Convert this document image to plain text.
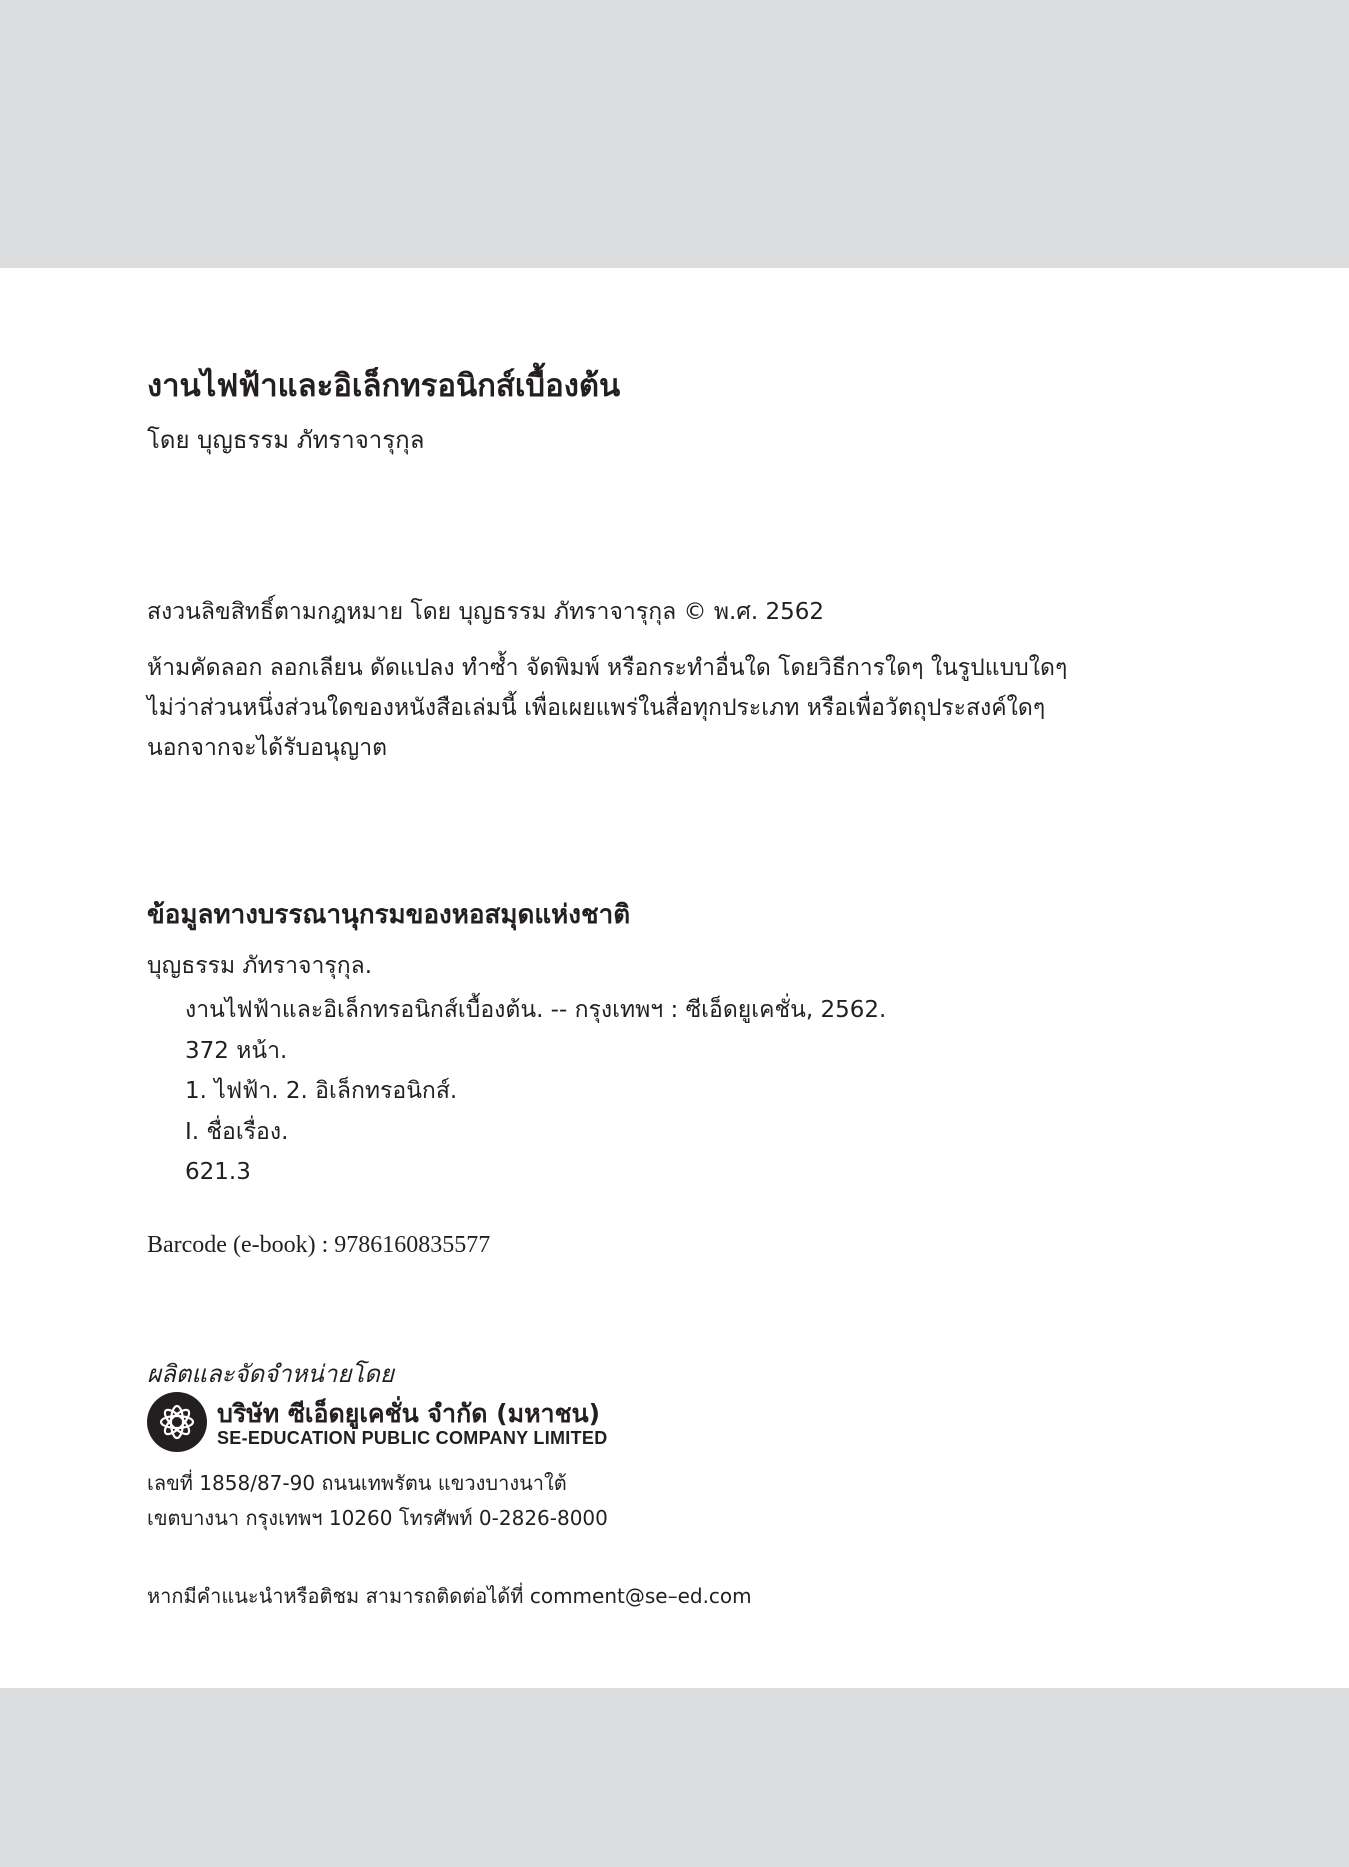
งานไฟฟ้าและอิเล็กทรอนิกส์เบื้องต้น
โดย บุญธรรม ภัทราจารุกุล
สงวนลิขสิทธิ์ตามกฎหมาย โดย บุญธรรม ภัทราจารุกุล © พ.ศ. 2562
ห้ามคัดลอก ลอกเลียน ดัดแปลง ทำซ้ำ จัดพิมพ์ หรือกระทำอื่นใด โดยวิธีการใดๆ ในรูปแบบใดๆ
ไม่ว่าส่วนหนึ่งส่วนใดของหนังสือเล่มนี้ เพื่อเผยแพร่ในสื่อทุกประเภท หรือเพื่อวัตถุประสงค์ใดๆ
นอกจากจะได้รับอนุญาต
ข้อมูลทางบรรณานุกรมของหอสมุดแห่งชาติ
บุญธรรม ภัทราจารุกุล.
งานไฟฟ้าและอิเล็กทรอนิกส์เบื้องต้น. -- กรุงเทพฯ : ซีเอ็ดยูเคชั่น, 2562.
372 หน้า.
1. ไฟฟ้า. 2. อิเล็กทรอนิกส์.
I. ชื่อเรื่อง.
621.3
Barcode (e-book) : 9786160835577
ผลิตและจัดจำหน่ายโดย
บริษัท ซีเอ็ดยูเคชั่น จำกัด (มหาชน)
SE-EDUCATION PUBLIC COMPANY LIMITED
เลขที่ 1858/87-90 ถนนเทพรัตน แขวงบางนาใต้
เขตบางนา กรุงเทพฯ 10260 โทรศัพท์ 0-2826-8000
หากมีคำแนะนำหรือติชม สามารถติดต่อได้ที่ comment@se–ed.com
